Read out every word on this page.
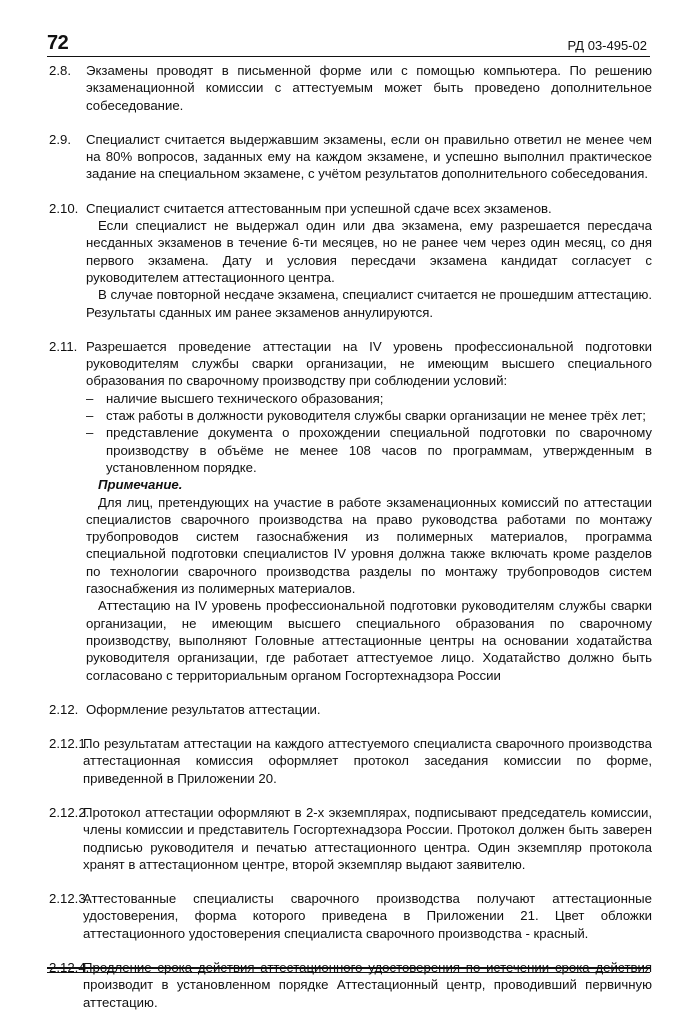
72	РД 03-495-02
2.8. Экзамены проводят в письменной форме или с помощью компьютера. По решению экзаменационной комиссии с аттестуемым может быть проведено дополнительное собеседование.
2.9. Специалист считается выдержавшим экзамены, если он правильно ответил не менее чем на 80% вопросов, заданных ему на каждом экзамене, и успешно выполнил практическое задание на специальном экзамене, с учётом результатов дополнительного собеседования.
2.10. Специалист считается аттестованным при успешной сдаче всех экзаменов.
Если специалист не выдержал один или два экзамена, ему разрешается пересдача несданных экзаменов в течение 6-ти месяцев, но не ранее чем через один месяц, со дня первого экзамена. Дату и условия пересдачи экзамена кандидат согласует с руководителем аттестационного центра.
В случае повторной несдаче экзамена, специалист считается не прошедшим аттестацию. Результаты сданных им ранее экзаменов аннулируются.
2.11. Разрешается проведение аттестации на IV уровень профессиональной подготовки руководителям службы сварки организации, не имеющим высшего специального образования по сварочному производству при соблюдении условий:
– наличие высшего технического образования;
– стаж работы в должности руководителя службы сварки организации не менее трёх лет;
– представление документа о прохождении специальной подготовки по сварочному производству в объёме не менее 108 часов по программам, утвержденным в установленном порядке.
Примечание.
Для лиц, претендующих на участие в работе экзаменационных комиссий по аттестации специалистов сварочного производства на право руководства работами по монтажу трубопроводов систем газоснабжения из полимерных материалов, программа специальной подготовки специалистов IV уровня должна также включать кроме разделов по технологии сварочного производства разделы по монтажу трубопроводов систем газоснабжения из полимерных материалов.
Аттестацию на IV уровень профессиональной подготовки руководителям службы сварки организации, не имеющим высшего специального образования по сварочному производству, выполняют Головные аттестационные центры на основании ходатайства руководителя организации, где работает аттестуемое лицо. Ходатайство должно быть согласовано с территориальным органом Госгортехнадзора России
2.12. Оформление результатов аттестации.
2.12.1.
По результатам аттестации на каждого аттестуемого специалиста сварочного производства аттестационная комиссия оформляет протокол заседания комиссии по форме, приведенной в Приложении 20.
2.12.2.
Протокол аттестации оформляют в 2-х экземплярах, подписывают председатель комиссии, члены комиссии и представитель Госгортехнадзора России. Протокол должен быть заверен подписью руководителя и печатью аттестационного центра. Один экземпляр протокола хранят в аттестационном центре, второй экземпляр выдают заявителю.
2.12.3.
Аттестованные специалисты сварочного производства получают аттестационные удостоверения, форма которого приведена в Приложении 21. Цвет обложки аттестационного удостоверения специалиста сварочного производства - красный.
2.12.4.
Продление срока действия аттестационного удостоверения по истечении срока действия производит в установленном порядке Аттестационный центр, проводивший первичную аттестацию.
